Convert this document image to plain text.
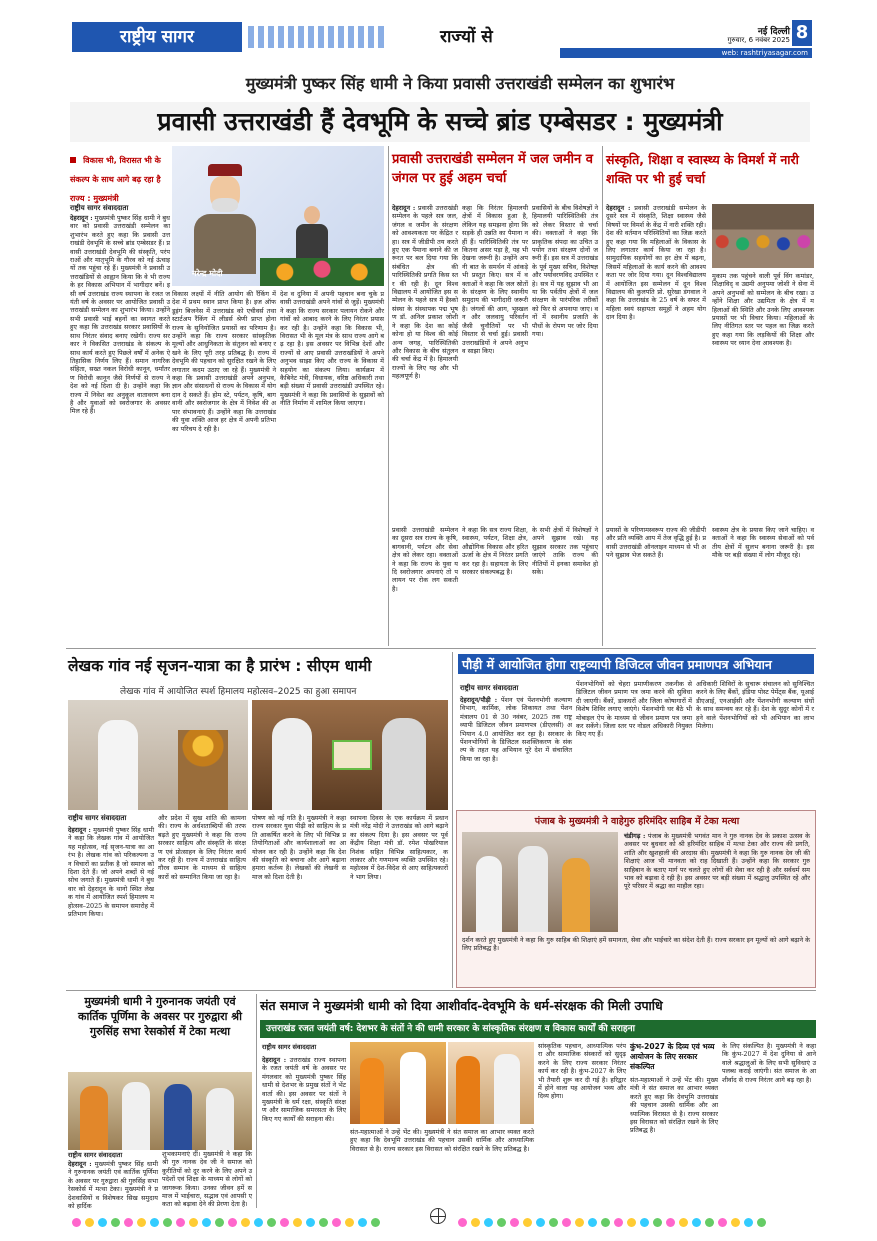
राष्ट्रीय सागर	राज्यों से	नई दिल्ली
गुरुवार, 6 नवंबर 2025 8
web: rashtriyasagar.com
मुख्यमंत्री पुष्कर सिंह धामी ने किया प्रवासी उत्तराखंडी सम्मेलन का शुभारंभ
प्रवासी उत्तराखंडी हैं देवभूमि के सच्चे ब्रांड एम्बेसडर : मुख्यमंत्री
विकास भी, विरासत भी के संकल्प के साथ आगे बढ़ रहा है राज्य : मुख्यमंत्री
राष्ट्रीय सागर संवाददाता
देहरादून : मुख्यमंत्री पुष्कर सिंह धामी ने बुधवार को प्रवासी उत्तराखंडी सम्मेलन का शुभारंभ करते हुए कहा कि प्रवासी उत्तराखंडी देवभूमि के सच्चे ब्रांड एम्बेसडर हैं। प्रवासी उत्तराखंडी देवभूमि की संस्कृति, परंपराओं और मातृभूमि के गौरव को नई ऊंचाइयों तक पहुंचा रहे हैं। मुख्यमंत्री ने प्रवासी उत्तराखंडियों से आह्वान किया कि वे भी राज्य के हर विकास अभियान में भागीदार बनें। इसी वर्ष उत्तराखंड राज्य स्थापना के रजत जयंती वर्ष के अवसर पर आयोजित प्रवासी उत्तराखंडी सम्मेलन का शुभारंभ किया। उन्होंने सभी प्रवासी भाई बहनों का स्वागत करते हुए कहा कि उत्तराखंड सरकार प्रवासियों के साथ निरंतर संवाद बनाए रखेगी। राज्य सरकार ने विकसित उत्तराखंड के संकल्प के साथ कार्य करते हुए पिछले वर्षों में अनेक ऐतिहासिक निर्णय लिए हैं। समान नागरिक संहिता, सख्त नकल विरोधी कानून, धर्मांतरण विरोधी कानून जैसे निर्णयों से राज्य ने देश को नई दिशा दी है। उन्होंने कहा कि राज्य में निवेश का अनुकूल वातावरण बना है और युवाओं को स्वरोजगार के अवसर मिल रहे हैं।
नरेन्द्र मोदी
विकास लक्ष्यों में नीति आयोग की रैंकिंग में देश में प्रथम स्थान प्राप्त किया है। इज ऑफ डूइंग बिजनेस में उत्तराखंड को एचीवर्स तथा स्टार्टअप रैंकिंग में लीडर्स श्रेणी प्राप्त होना राज्य के सुनियोजित प्रयासों का परिणाम है। उन्होंने कहा कि राज्य सरकार सांस्कृतिक मूल्यों और आधुनिकता के संतुलन को बनाए रखने के लिए पूरी तरह प्रतिबद्ध है। राज्य में देवभूमि की पहचान को सुरक्षित रखने के लिए लगातार कदम उठाए जा रहे हैं। मुख्यमंत्री ने कहा कि प्रवासी उत्तराखंडी अपने अनुभव, ज्ञान और संसाधनों से राज्य के विकास में योगदान दे सकते हैं। होम स्टे, पर्यटन, कृषि, बागवानी और स्वरोजगार के क्षेत्र में निवेश की अपार संभावनाएं हैं। उन्होंने कहा कि उत्तराखंड की युवा शक्ति आज हर क्षेत्र में अपनी प्रतिभा का परिचय दे रही है।
देश व दुनिया में अपनी पहचान बना चुके प्रवासी उत्तराखंडी अपने गांवों से जुड़ें। मुख्यमंत्री ने कहा कि राज्य सरकार पलायन रोकने और गांवों को आबाद करने के लिए निरंतर प्रयास कर रही है। उन्होंने कहा कि विकास भी, विरासत भी के मूल मंत्र के साथ राज्य आगे बढ़ रहा है। इस अवसर पर विभिन्न देशों और राज्यों से आए प्रवासी उत्तराखंडियों ने अपने अनुभव साझा किए और राज्य के विकास में सहयोग का संकल्प लिया। कार्यक्रम में कैबिनेट मंत्री, विधायक, वरिष्ठ अधिकारी तथा बड़ी संख्या में प्रवासी उत्तराखंडी उपस्थित रहे। मुख्यमंत्री ने कहा कि प्रवासियों के सुझावों को नीति निर्माण में शामिल किया जाएगा।
प्रवासी उत्तराखंडी सम्मेलन में जल जमीन व जंगल पर हुई अहम चर्चा
देहरादून : प्रवासी उत्तराखंडी सम्मेलन के पहले सत्र जल, जंगल व जमीन के संरक्षण को आवश्यकता पर केंद्रित रहा। सत्र में जीडीपी तय करते हुए एक पैमाना बनाने की जरूरत पर बल दिया गया कि संबंधित क्षेत्र की पारिस्थितिकी प्रगति किस स्तर की रही है। दून विश्वविद्यालय में आयोजित इस सम्मेलन के पहले सत्र में हैस्को संस्था के संस्थापक पद्म भूषण डॉ. अनिल प्रकाश जोशी ने कहा कि देश का कोई कोना हो या विश्व की कोई अन्य जगह, पारिस्थितिकी और विकास के बीच संतुलन की चर्चा केंद्र में है। हिमालयी राज्यों के लिए यह और भी महत्वपूर्ण है।
कहा कि निरंतर हिमालयी क्षेत्रों में विकास हुआ है, लेकिन यह समझना होगा कि सड़कें ही उन्नति का पैमाना नहीं हैं। पारिस्थितिकी तंत्र पर कितना असर पड़ा है, यह भी देखना जरूरी है। उन्होंने अपनी बात के समर्थन में आंकड़े भी प्रस्तुत किए। सत्र में वक्ताओं ने कहा कि जल स्रोतों के संरक्षण के लिए स्थानीय समुदाय की भागीदारी जरूरी है। जंगलों की आग, भूस्खलन और जलवायु परिवर्तन जैसी चुनौतियों पर भी विस्तार से चर्चा हुई। प्रवासी उत्तराखंडियों ने अपने अनुभव साझा किए।
प्रवासियों के बीच विशेषज्ञों ने हिमालयी पारिस्थितिकी तंत्र को लेकर विस्तार से चर्चा की। वक्ताओं ने कहा कि प्राकृतिक संपदा का उचित उपयोग तथा संरक्षण दोनों जरूरी हैं। इस सत्र में उत्तराखंड के पूर्व मुख्य सचिव, विशेषज्ञ और पर्यावरणविद उपस्थित रहे। सत्र में यह सुझाव भी आया कि पर्वतीय क्षेत्रों में जल संरक्षण के पारंपरिक तरीकों को फिर से अपनाया जाए। वनों में स्थानीय प्रजाति के पौधों के रोपण पर जोर दिया गया।
प्रवासी उत्तराखंडी सम्मेलन का दूसरा सत्र राज्य के कृषि, बागवानी, पर्यटन और सेवा क्षेत्र को लेकर रहा। वक्ताओं ने कहा कि राज्य के युवा यदि स्वरोजगार अपनाएं तो पलायन पर रोक लग सकती है।
ने कहा कि सत्र राज्य शिक्षा, स्वास्थ्य, पर्यटन, शिक्षा क्षेत्र, औद्योगिक विकास और हरित ऊर्जा के क्षेत्र में निरंतर प्रगति कर रहा है। सहायता के लिए सरकार संकल्पबद्ध है।
के सभी क्षेत्रों में विशेषज्ञों ने अपने सुझाव रखे। यह सुझाव सरकार तक पहुंचाए जाएंगे ताकि राज्य की नीतियों में इनका समावेश हो सके।
संस्कृति, शिक्षा व स्वास्थ्य के विमर्श में नारी शक्ति पर भी हुई चर्चा
देहरादून : प्रवासी उत्तराखंडी सम्मेलन के दूसरे सत्र में संस्कृति, शिक्षा स्वास्थ्य जैसे विषयों पर विमर्श के केंद्र में नारी शक्ति रही। देश की वर्तमान परिस्थितियों का जिक्र करते हुए कहा गया कि महिलाओं के विकास के लिए लगातार कार्य किया जा रहा है। सामुदायिक सहयोगों का हर क्षेत्र में बढ़ना, जिसमें महिलाओं के कार्य करने की आवश्यकता पर जोर दिया गया। दून विश्वविद्यालय में आयोजित इस सम्मेलन में दून विश्वविद्यालय की कुलपति प्रो. सुरेखा डंगवाल ने कहा कि उत्तराखंड के 25 वर्ष के सफर में महिला स्वयं सहायता समूहों ने अहम योगदान दिया है।
मुकाम तक पहुंचने वाली पूर्व विंग कमांडर, शिक्षाविद् व उद्यमी अनुपमा जोशी ने सेना में अपने अनुभवों को सम्मेलन के बीच रखा। उन्होंने शिक्षा और उद्यमिता के क्षेत्र में महिलाओं की स्थिति और उनके लिए आवश्यक प्रयासों पर भी विचार किया। महिलाओं के लिए नीतिगत स्तर पर पहल का जिक्र करते हुए कहा गया कि लड़कियों की शिक्षा और स्वास्थ्य पर ध्यान देना आवश्यक है।
प्रयासों के परिणामस्वरूप राज्य की जीडीपी और प्रति व्यक्ति आय में तेज वृद्धि हुई है। प्रवासी उत्तराखंडी ऑनलाइन माध्यम से भी अपने सुझाव भेज सकते हैं।
स्वास्थ्य क्षेत्र के प्रयास किए जाने चाहिए। वक्ताओं ने कहा कि स्वास्थ्य सेवाओं को पर्वतीय क्षेत्रों में सुलभ बनाना जरूरी है। इस मौके पर बड़ी संख्या में लोग मौजूद रहे।
लेखक गांव नई सृजन-यात्रा का है प्रारंभ : सीएम धामी
लेखक गांव में आयोजित स्पर्श हिमालय महोत्सव–2025 का हुआ समापन
राष्ट्रीय सागर संवाददाता
देहरादून : मुख्यमंत्री पुष्कर सिंह धामी ने कहा कि लेखक गांव में आयोजित यह महोत्सव, नई सृजन-यात्रा का आरंभ है। लेखक गांव को परिकल्पना उन विचारों का प्रतीक है जो समाज को दिशा देते हैं। जो अपने शब्दों से नई सोच जगाते हैं। मुख्यमंत्री धामी ने बुधवार को देहरादून के थानो स्थित लेखक गांव में आयोजित स्पर्श हिमालय महोत्सव–2025 के समापन समारोह में प्रतिभाग किया।
और प्रदेश में सुख शांति की कामना की। राज्य के अर्धशताब्दियों की तरफ बढ़ते हुए मुख्यमंत्री ने कहा कि राज्य सरकार साहित्य और संस्कृति के संरक्षण एवं प्रोत्साहन के लिए निरंतर कार्य कर रही है। राज्य में उत्तराखंड साहित्य गौरव सम्मान के माध्यम से साहित्यकारों को सम्मानित किया जा रहा है।
पोषण को नई गति है। मुख्यमंत्री ने कहा राज्य सरकार युवा पीढ़ी को साहित्य के प्रति आकर्षित करने के लिए भी विभिन्न प्रतियोगिताओं और कार्यशालाओं का आयोजन कर रही है। उन्होंने कहा कि देश की संस्कृति को बचाना और आगे बढ़ाना हमारा कर्तव्य है। लेखकों की लेखनी समाज को दिशा देती है।
स्थापना दिवस के एक कार्यक्रम में प्रधानमंत्री नरेंद्र मोदी ने उत्तराखंड को आगे बढ़ाने का संकल्प दिया है। इस अवसर पर पूर्व केंद्रीय शिक्षा मंत्री डॉ. रमेश पोखरियाल निशंक सहित विभिन्न साहित्यकार, कलाकार और गणमान्य व्यक्ति उपस्थित रहे। महोत्सव में देश-विदेश से आए साहित्यकारों ने भाग लिया।
पौड़ी में आयोजित होगा राष्ट्रव्यापी डिजिटल जीवन प्रमाणपत्र अभियान
राष्ट्रीय सागर संवाददाता
देहरादून/पौड़ी : पेंशन एवं पेंशनभोगी कल्याण विभाग, कार्मिक, लोक शिकायत तथा पेंशन मंत्रालय 01 से 30 नवंबर, 2025 तक राष्ट्रव्यापी डिजिटल जीवन प्रमाणपत्र (डीएलसी) अभियान 4.0 आयोजित कर रहा है। सरकार के पेंशनभोगियों के डिजिटल सशक्तिकरण के संकल्प के तहत यह अभियान पूरे देश में संचालित किया जा रहा है।
पेंशनभोगियों को चेहरा प्रमाणीकरण तकनीक से डिजिटल जीवन प्रमाण पत्र जमा करने की सुविधा दी जाएगी। बैंकों, डाकघरों और जिला कोषागारों में विशेष शिविर लगाए जाएंगे। पेंशनभोगी घर बैठे भी मोबाइल ऐप के माध्यम से जीवन प्रमाण पत्र जमा कर सकेंगे। जिला स्तर पर नोडल अधिकारी नियुक्त किए गए हैं।
अधिकारी शिविरों के सुचारू संचालन को सुनिश्चित करने के लिए बैंकों, इंडिया पोस्ट पेमेंट्स बैंक, यूआईडीएआई, एनआईसी और पेंशनभोगी कल्याण संघों के साथ समन्वय कर रहे हैं। देश के सुदूर कोनों में रहने वाले पेंशनभोगियों को भी अभियान का लाभ मिलेगा।
पंजाब के मुख्यमंत्री ने वाहेगुरु हरिमंदिर साहिब में टेका मत्था
चंडीगढ़ : पंजाब के मुख्यमंत्री भगवंत मान ने गुरु नानक देव के प्रकाश उत्सव के अवसर पर बुधवार को श्री हरिमंदिर साहिब में मत्था टेका और राज्य की प्रगति, शांति और खुशहाली की अरदास की। मुख्यमंत्री ने कहा कि गुरु नानक देव जी की शिक्षाएं आज भी मानवता को राह दिखाती हैं। उन्होंने कहा कि सरकार गुरु साहिबान के बताए मार्ग पर चलते हुए लोगों की सेवा कर रही है और सर्वधर्म समभाव को बढ़ावा दे रही है। इस अवसर पर बड़ी संख्या में श्रद्धालु उपस्थित रहे और पूरे परिसर में श्रद्धा का माहौल रहा।
दर्शन करते हुए मुख्यमंत्री ने कहा कि गुरु साहिब की शिक्षाएं हमें समानता, सेवा और भाईचारे का संदेश देती हैं। राज्य सरकार इन मूल्यों को आगे बढ़ाने के लिए प्रतिबद्ध है।
मुख्यमंत्री धामी ने गुरुनानक जयंती एवं कार्तिक पूर्णिमा के अवसर पर गुरुद्वारा श्री गुरुसिंह सभा रेसकोर्स में टेका मत्था
राष्ट्रीय सागर संवाददाता
देहरादून : मुख्यमंत्री पुष्कर सिंह धामी ने गुरुनानक जयंती एवं कार्तिक पूर्णिमा के अवसर पर गुरुद्वारा श्री गुरुसिंह सभा रेसकोर्स में मत्था टेका। मुख्यमंत्री ने प्रदेशवासियों व विशेषकर सिख समुदाय को हार्दिक
शुभकामनाएं दीं। मुख्यमंत्री ने कहा कि श्री गुरु नानक देव जी ने समाज को कुरीतियों को दूर करने के लिए अपने उपदेशों एवं शिक्षा के माध्यम से लोगों को जागरूक किया। उनका जीवन हमें समाज में भाईचारा, सद्भाव एवं आपसी एकता को बढ़ावा देने की प्रेरणा देता है।
संत समाज ने मुख्यमंत्री धामी को दिया आशीर्वाद-देवभूमि के धर्म-संरक्षक की मिली उपाधि
उत्तराखंड रजत जयंती वर्ष: देशभर के संतों ने की धामी सरकार के सांस्कृतिक संरक्षण व विकास कार्यों की सराहना
राष्ट्रीय सागर संवाददाता
देहरादून : उत्तराखंड राज्य स्थापना के रजत जयंती वर्ष के अवसर पर मंगलवार को मुख्यमंत्री पुष्कर सिंह धामी से देशभर के प्रमुख संतों ने भेंटवार्ता की। इस अवसर पर संतों ने मुख्यमंत्री के धर्म रक्षा, संस्कृति संरक्षण और सामाजिक समरसता के लिए किए गए कार्यों की सराहना की।
संत-महात्माओं ने उन्हें भेंट की। मुख्यमंत्री ने संत समाज का आभार व्यक्त करते हुए कहा कि देवभूमि उत्तराखंड की पहचान उसकी धार्मिक और आध्यात्मिक विरासत से है। राज्य सरकार इस विरासत को संरक्षित रखने के लिए प्रतिबद्ध है।
सांस्कृतिक पहचान, आध्यात्मिक परंपरा और सामाजिक संस्कारों को सुदृढ़ करने के लिए राज्य सरकार निरंतर कार्य कर रही है। कुंभ-2027 के लिए भी तैयारी शुरू कर दी गई है। हरिद्वार में होने वाला यह आयोजन भव्य और दिव्य होगा।
कुंभ-2027 के दिव्य एवं भव्य आयोजन के लिए सरकार संकल्पित
के लिए संकल्पित है। मुख्यमंत्री ने कहा कि कुंभ-2027 में देश दुनिया से आने वाले श्रद्धालुओं के लिए सभी सुविधाएं उपलब्ध कराई जाएंगी। संत समाज के आशीर्वाद से राज्य निरंतर आगे बढ़ रहा है।
संत-महात्माओं ने उन्हें भेंट की। मुख्यमंत्री ने संत समाज का आभार व्यक्त करते हुए कहा कि देवभूमि उत्तराखंड की पहचान उसकी धार्मिक और आध्यात्मिक विरासत से है। राज्य सरकार इस विरासत को संरक्षित रखने के लिए प्रतिबद्ध है।
